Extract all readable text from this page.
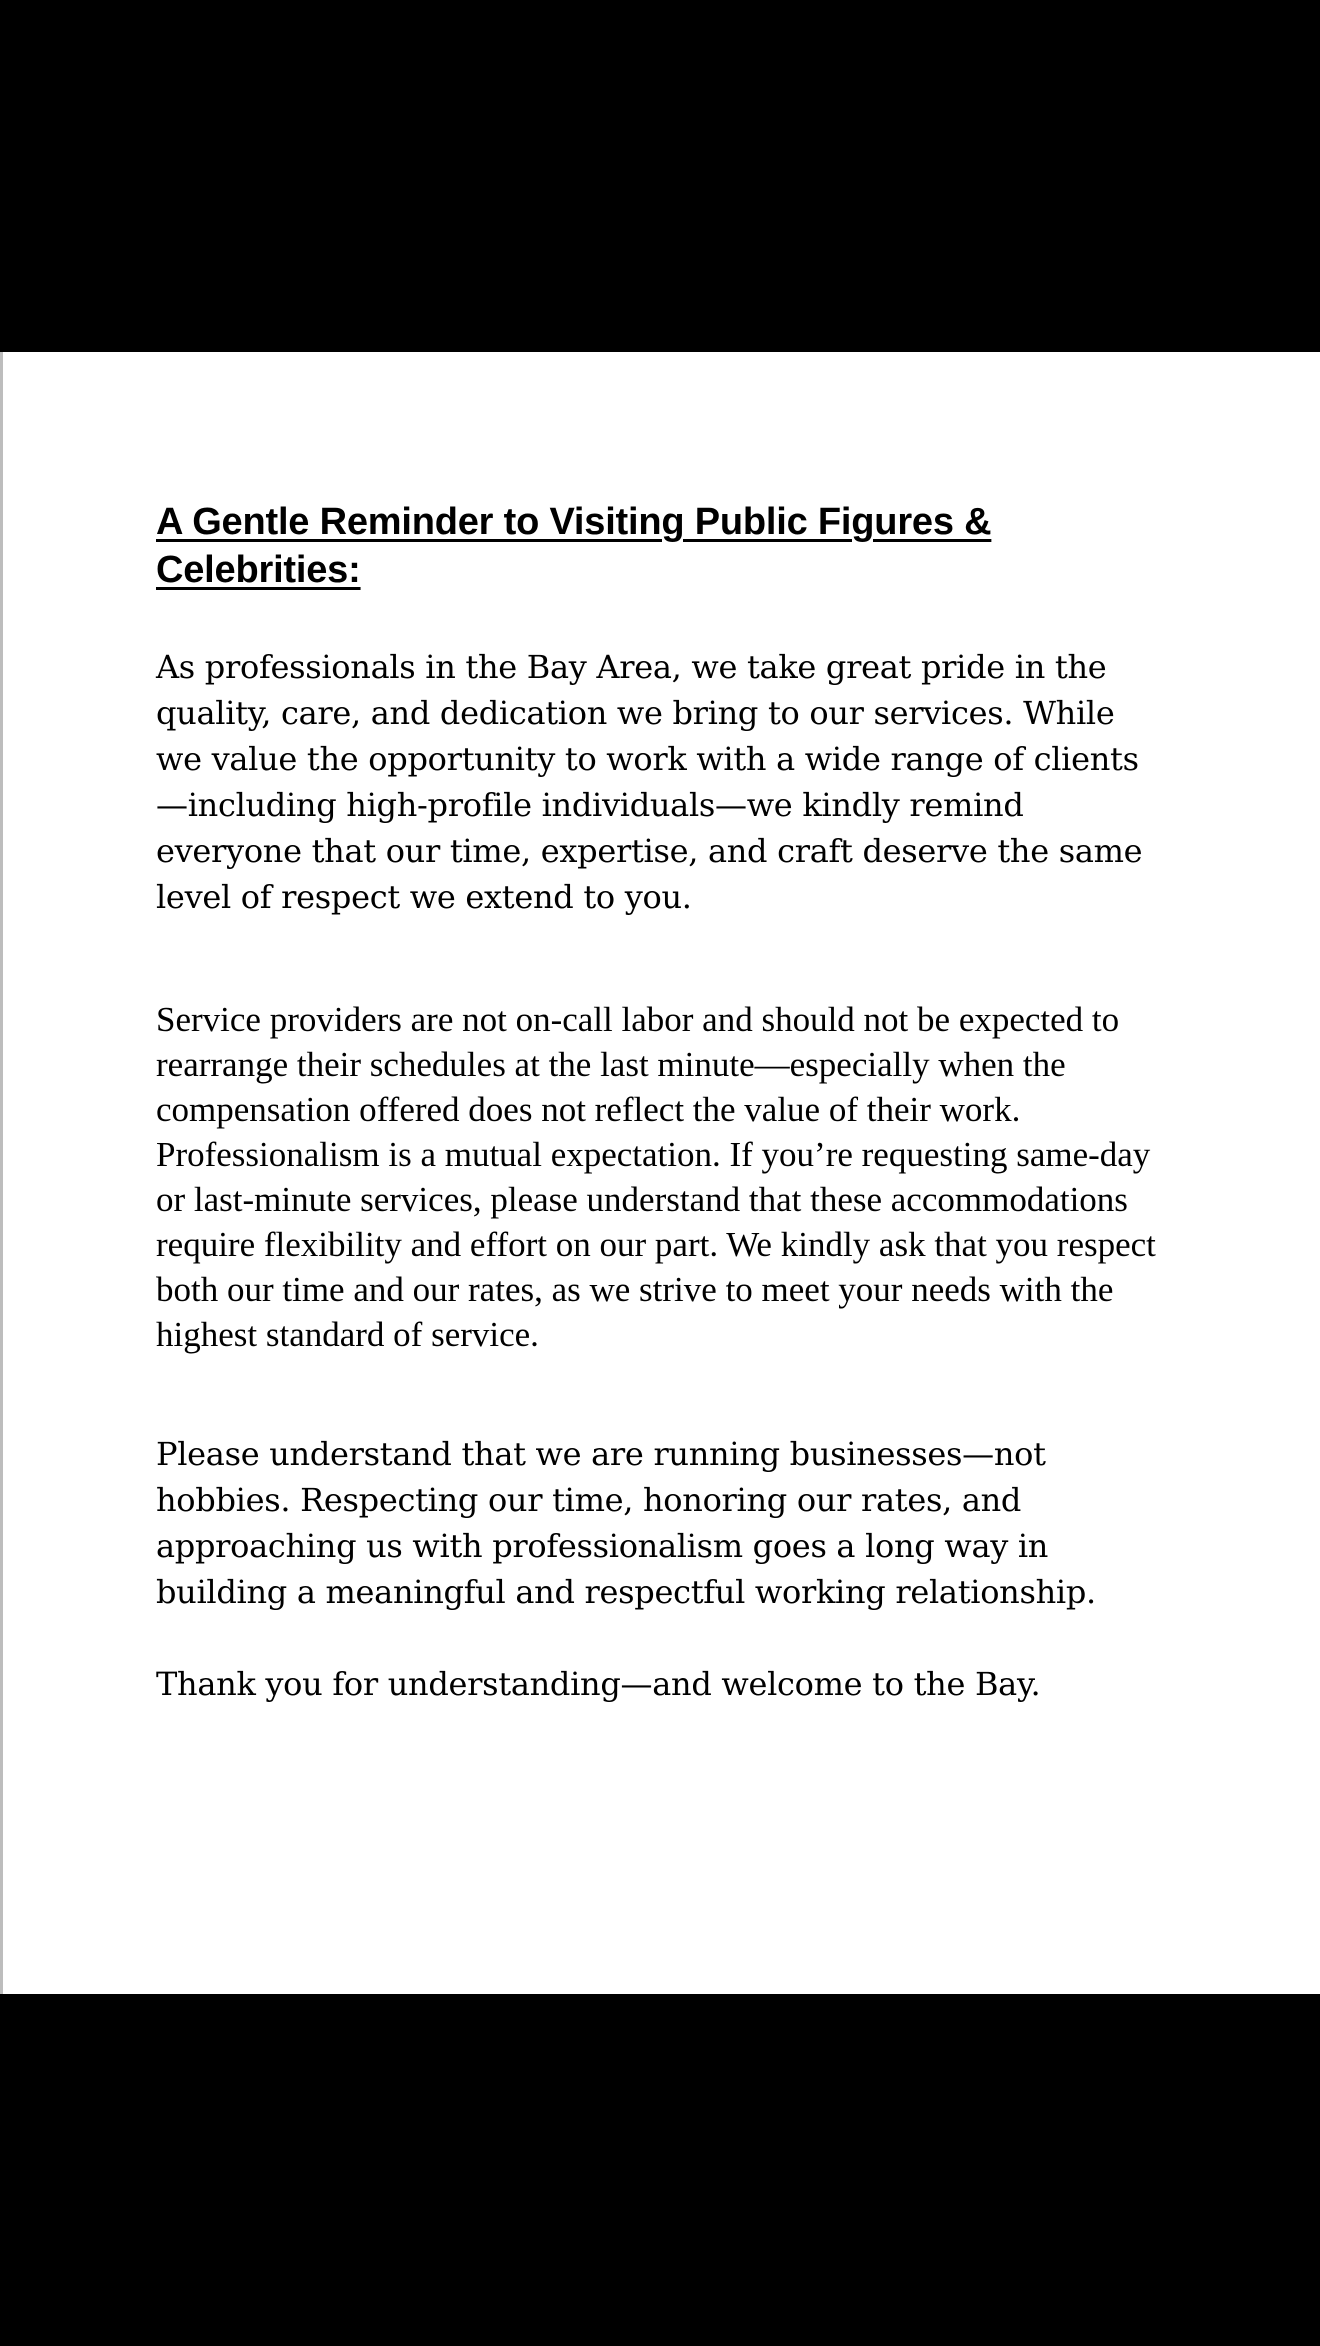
A Gentle Reminder to Visiting Public Figures & Celebrities:

As professionals in the Bay Area, we take great pride in the quality, care, and dedication we bring to our services. While we value the opportunity to work with a wide range of clients—including high-profile individuals—we kindly remind everyone that our time, expertise, and craft deserve the same level of respect we extend to you.

Service providers are not on-call labor and should not be expected to rearrange their schedules at the last minute—especially when the compensation offered does not reflect the value of their work. Professionalism is a mutual expectation. If you’re requesting same-day or last-minute services, please understand that these accommodations require flexibility and effort on our part. We kindly ask that you respect both our time and our rates, as we strive to meet your needs with the highest standard of service.

Please understand that we are running businesses—not hobbies. Respecting our time, honoring our rates, and approaching us with professionalism goes a long way in building a meaningful and respectful working relationship.

Thank you for understanding—and welcome to the Bay.
